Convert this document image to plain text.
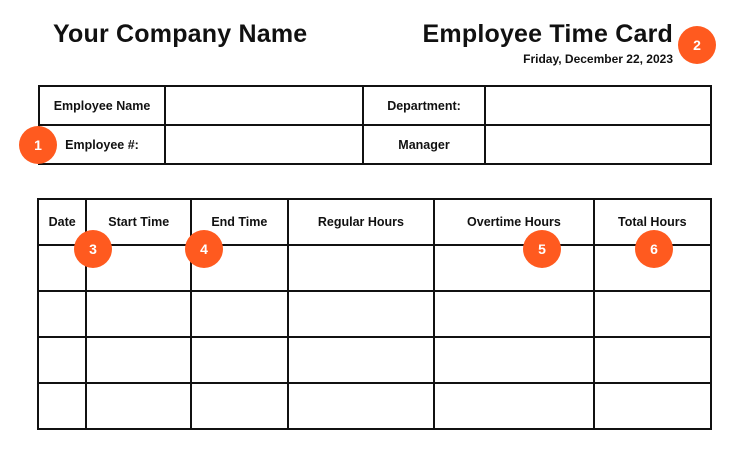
Your Company Name	Employee Time Card
Friday, December 22, 2023
Employee Name		Department:	
Employee #:		Manager	
Date	Start Time	End Time	Regular Hours	Overtime Hours	Total Hours

1
2
3	4	5	6
